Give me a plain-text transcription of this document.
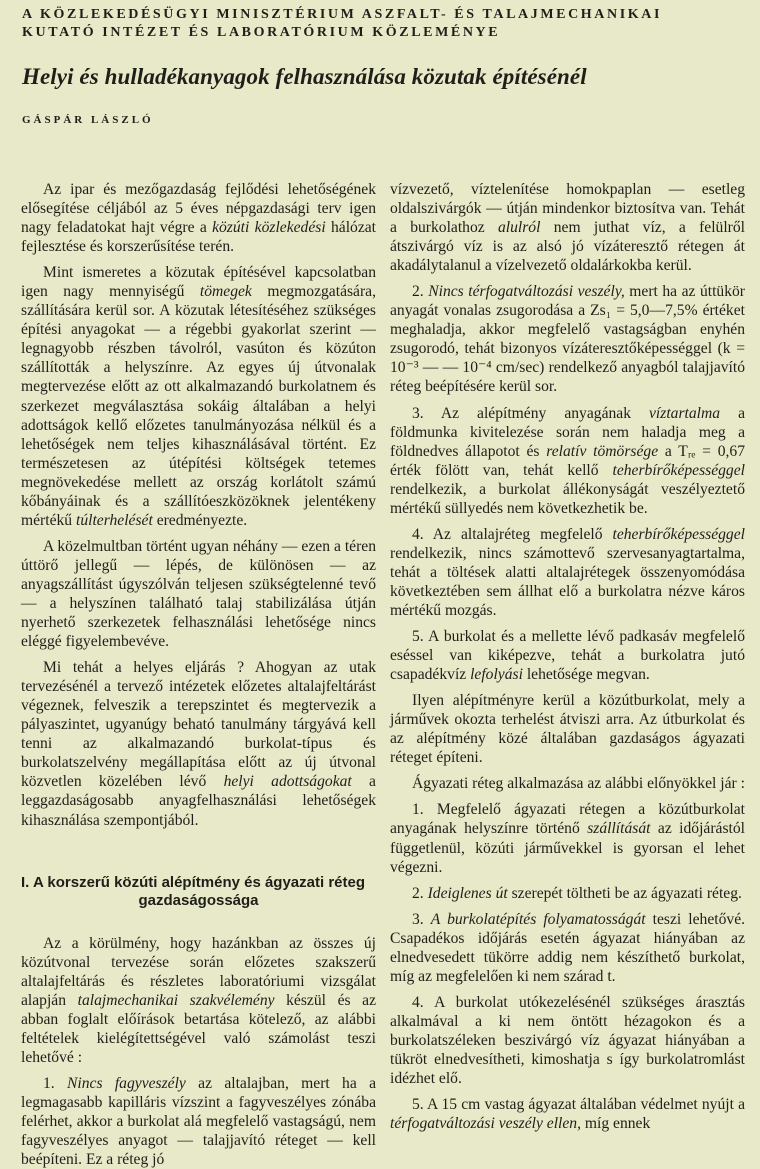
A KÖZLEKEDÉSÜGYI MINISZTÉRIUM ASZFALT- ÉS TALAJMECHANIKAI
KUTATÓ INTÉZET ÉS LABORATÓRIUM KÖZLEMÉNYE
Helyi és hulladékanyagok felhasználása közutak építésénél
GÁSPÁR LÁSZLÓ

Az ipar és mezőgazdaság fejlődési lehetőségének elősegítése céljából az 5 éves népgazdasági terv igen nagy feladatokat hajt végre a közúti közlekedési hálózat fejlesztése és korszerűsítése terén.

Mint ismeretes a közutak építésével kapcsolatban igen nagy mennyiségű tömegek megmozgatására, szállítására kerül sor. A közutak létesítéséhez szükséges építési anyagokat — a régebbi gyakorlat szerint — legnagyobb részben távolról, vasúton és közúton szállították a helyszínre. Az egyes új útvonalak megtervezése előtt az ott alkalmazandó burkolatnem és szerkezet megválasztása sokáig általában a helyi adottságok kellő előzetes tanulmányozása nélkül és a lehetőségek nem teljes kihasználásával történt. Ez természetesen az útépítési költségek tetemes megnövekedése mellett az ország korlátolt számú kőbányáinak és a szállítóeszközöknek jelentékeny mértékű túlterhelését eredményezte.

A közelmultban történt ugyan néhány — ezen a téren úttörő jellegű — lépés, de különösen — az anyagszállítást úgyszólván teljesen szükségtelenné tevő — a helyszínen található talaj stabilizálása útján nyerhető szerkezetek felhasználási lehetősége nincs eléggé figyelembevéve.

Mi tehát a helyes eljárás ? Ahogyan az utak tervezésénél a tervező intézetek előzetes altalajfeltárást végeznek, felveszik a terepszintet és megtervezik a pályaszintet, ugyanúgy beható tanulmány tárgyává kell tenni az alkalmazandó burkolat-típus és burkolatszelvény megállapítása előtt az új útvonal közvetlen közelében lévő helyi adottságokat a leggazdaságosabb anyagfelhasználási lehetőségek kihasználása szempontjából.

I. A korszerű közúti alépítmény és ágyazati réteg
gazdaságossága

Az a körülmény, hogy hazánkban az összes új közútvonal tervezése során előzetes szakszerű altalajfeltárás és részletes laboratóriumi vizsgálat alapján talajmechanikai szakvélemény készül és az abban foglalt előírások betartása kötelező, az alábbi feltételek kielégítettségével való számolást teszi lehetővé :

1. Nincs fagyveszély az altalajban, mert ha a legmagasabb kapilláris vízszint a fagyveszélyes zónába felérhet, akkor a burkolat alá megfelelő vastagságú, nem fagyveszélyes anyagot — talajjavító réteget — kell beépíteni. Ez a réteg jó

vízvezető, víztelenítése homokpaplan — esetleg oldalszivárgók — útján mindenkor biztosítva van. Tehát a burkolathoz alulról nem juthat víz, a felülről átszivárgó víz is az alsó jó vízáteresztő rétegen át akadálytalanul a vízelvezető oldalárkokba kerül.

2. Nincs térfogatváltozási veszély, mert ha az úttükör anyagát vonalas zsugorodása a Zs₁ = 5,0—7,5% értéket meghaladja, akkor megfelelő vastagságban enyhén zsugorodó, tehát bizonyos vízáteresztőképességgel (k = 10⁻³ — — 10⁻⁴ cm/sec) rendelkező anyagból talajjavító réteg beépítésére kerül sor.

3. Az alépítmény anyagának víztartalma a földmunka kivitelezése során nem haladja meg a földnedves állapotot és relatív tömörsége a Tᵣₑ = 0,67 érték fölött van, tehát kellő teherbírőképességgel rendelkezik, a burkolat állékonyságát veszélyeztető mértékű süllyedés nem következhetik be.

4. Az altalajréteg megfelelő teherbírőképességgel rendelkezik, nincs számottevő szervesanyagtartalma, tehát a töltések alatti altalajrétegek összenyomódása következtében sem állhat elő a burkolatra nézve káros mértékű mozgás.

5. A burkolat és a mellette lévő padkasáv megfelelő eséssel van kiképezve, tehát a burkolatra jutó csapadékvíz lefolyási lehetősége megvan.

Ilyen alépítményre kerül a közútburkolat, mely a járművek okozta terhelést átviszi arra. Az útburkolat és az alépítmény közé általában gazdaságos ágyazati réteget építeni.

Ágyazati réteg alkalmazása az alábbi előnyökkel jár :

1. Megfelelő ágyazati rétegen a közútburkolat anyagának helyszínre történő szállítását az időjárástól függetlenül, közúti járművekkel is gyorsan el lehet végezni.

2. Ideiglenes út szerepét töltheti be az ágyazati réteg.

3. A burkolatépítés folyamatosságát teszi lehetővé. Csapadékos időjárás esetén ágyazat hiányában az elnedvesedett tükörre addig nem készíthető burkolat, míg az megfelelően ki nem szárad t.

4. A burkolat utókezelésénél szükséges árasztás alkalmával a ki nem öntött hézagokon és a burkolatszéleken beszivárgó víz ágyazat hiányában a tükröt elnedvesítheti, kimoshatja s így burkolatromlást idézhet elő.

5. A 15 cm vastag ágyazat általában védelmet nyújt a térfogatváltozási veszély ellen, míg ennek
